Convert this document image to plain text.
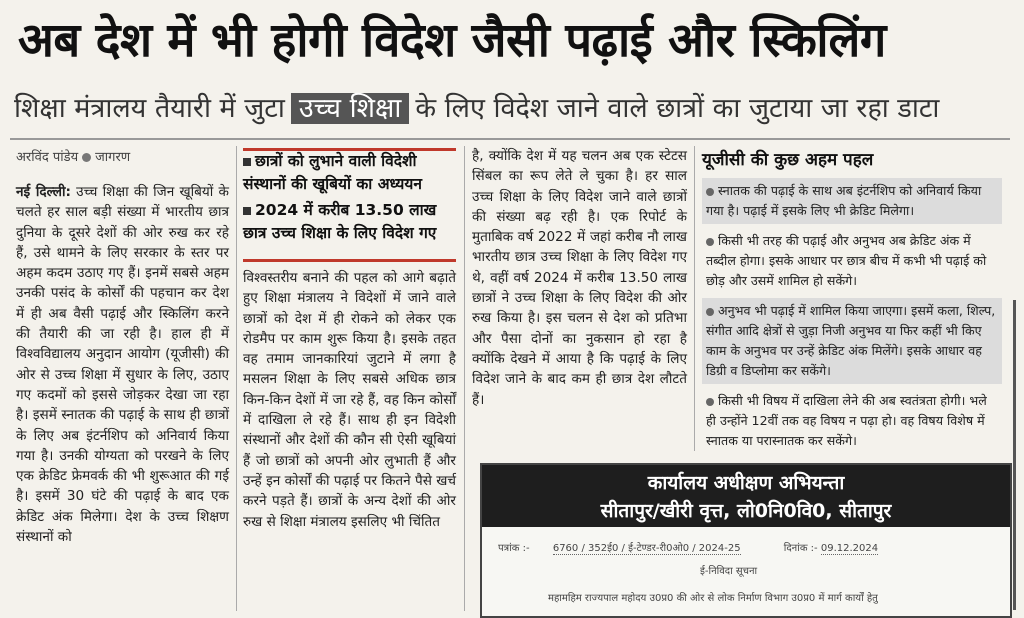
अब देश में भी होगी विदेश जैसी पढ़ाई और स्किलिंग
शिक्षा मंत्रालय तैयारी में जुटा उच्च शिक्षा के लिए विदेश जाने वाले छात्रों का जुटाया जा रहा डाटा
अरविंद पांडेय जागरण
नई दिल्ली: उच्च शिक्षा की जिन खूबियों के चलते हर साल बड़ी संख्या में भारतीय छात्र दुनिया के दूसरे देशों की ओर रुख कर रहे हैं, उसे थामने के लिए सरकार के स्तर पर अहम कदम उठाए गए हैं। इनमें सबसे अहम उनकी पसंद के कोर्सों की पहचान कर देश में ही अब वैसी पढ़ाई और स्किलिंग करने की तैयारी की जा रही है। हाल ही में विश्वविद्यालय अनुदान आयोग (यूजीसी) की ओर से उच्च शिक्षा में सुधार के लिए, उठाए गए कदमों को इससे जोड़कर देखा जा रहा है। इसमें स्नातक की पढ़ाई के साथ ही छात्रों के लिए अब इंटर्नशिप को अनिवार्य किया गया है। उनकी योग्यता को परखने के लिए एक क्रेडिट फ्रेमवर्क की भी शुरूआत की गई है। इसमें 30 घंटे की पढ़ाई के बाद एक क्रेडिट अंक मिलेगा। देश के उच्च शिक्षण संस्थानों को
छात्रों को लुभाने वाली विदेशी संस्थानों की खूबियों का अध्ययन
2024 में करीब 13.50 लाख छात्र उच्च शिक्षा के लिए विदेश गए
विश्वस्तरीय बनाने की पहल को आगे बढ़ाते हुए शिक्षा मंत्रालय ने विदेशों में जाने वाले छात्रों को देश में ही रोकने को लेकर एक रोडमैप पर काम शुरू किया है। इसके तहत वह तमाम जानकारियां जुटाने में लगा है मसलन शिक्षा के लिए सबसे अधिक छात्र किन-किन देशों में जा रहे हैं, वह किन कोर्सों में दाखिला ले रहे हैं। साथ ही इन विदेशी संस्थानों और देशों की कौन सी ऐसी खूबियां हैं जो छात्रों को अपनी ओर लुभाती हैं और उन्हें इन कोर्सों की पढ़ाई पर कितने पैसे खर्च करने पड़ते हैं। छात्रों के अन्य देशों की ओर रुख से शिक्षा मंत्रालय इसलिए भी चिंतित
है, क्योंकि देश में यह चलन अब एक स्टेटस सिंबल का रूप लेते ले चुका है। हर साल उच्च शिक्षा के लिए विदेश जाने वाले छात्रों की संख्या बढ़ रही है। एक रिपोर्ट के मुताबिक वर्ष 2022 में जहां करीब नौ लाख भारतीय छात्र उच्च शिक्षा के लिए विदेश गए थे, वहीं वर्ष 2024 में करीब 13.50 लाख छात्रों ने उच्च शिक्षा के लिए विदेश की ओर रुख किया है। इस चलन से देश को प्रतिभा और पैसा दोनों का नुकसान हो रहा है क्योंकि देखने में आया है कि पढ़ाई के लिए विदेश जाने के बाद कम ही छात्र देश लौटते हैं।
यूजीसी की कुछ अहम पहल
स्नातक की पढ़ाई के साथ अब इंटर्नशिप को अनिवार्य किया गया है। पढ़ाई में इसके लिए भी क्रेडिट मिलेगा।
किसी भी तरह की पढ़ाई और अनुभव अब क्रेडिट अंक में तब्दील होगा। इसके आधार पर छात्र बीच में कभी भी पढ़ाई को छोड़ और उसमें शामिल हो सकेंगे।
अनुभव भी पढ़ाई में शामिल किया जाएगा। इसमें कला, शिल्प, संगीत आदि क्षेत्रों से जुड़ा निजी अनुभव या फिर कहीं भी किए काम के अनुभव पर उन्हें क्रेडिट अंक मिलेंगे। इसके आधार वह डिग्री व डिप्लोमा कर सकेंगे।
किसी भी विषय में दाखिला लेने की अब स्वतंत्रता होगी। भले ही उन्होंने 12वीं तक वह विषय न पढ़ा हो। वह विषय विशेष में स्नातक या परास्नातक कर सकेंगे।
कार्यालय अधीक्षण अभियन्ता
सीतापुर/खीरी वृत्त, लो0नि0वि0, सीतापुर
पत्रांक :- 6760 / 352ई0 / ई-टेण्डर-री0ओ0 / 2024-25	दिनांक :- 09.12.2024
ई-निविदा सूचना
महामहिम राज्यपाल महोदय उ0प्र0 की ओर से लोक निर्माण विभाग उ0प्र0 में मार्ग कार्यों हेतु
